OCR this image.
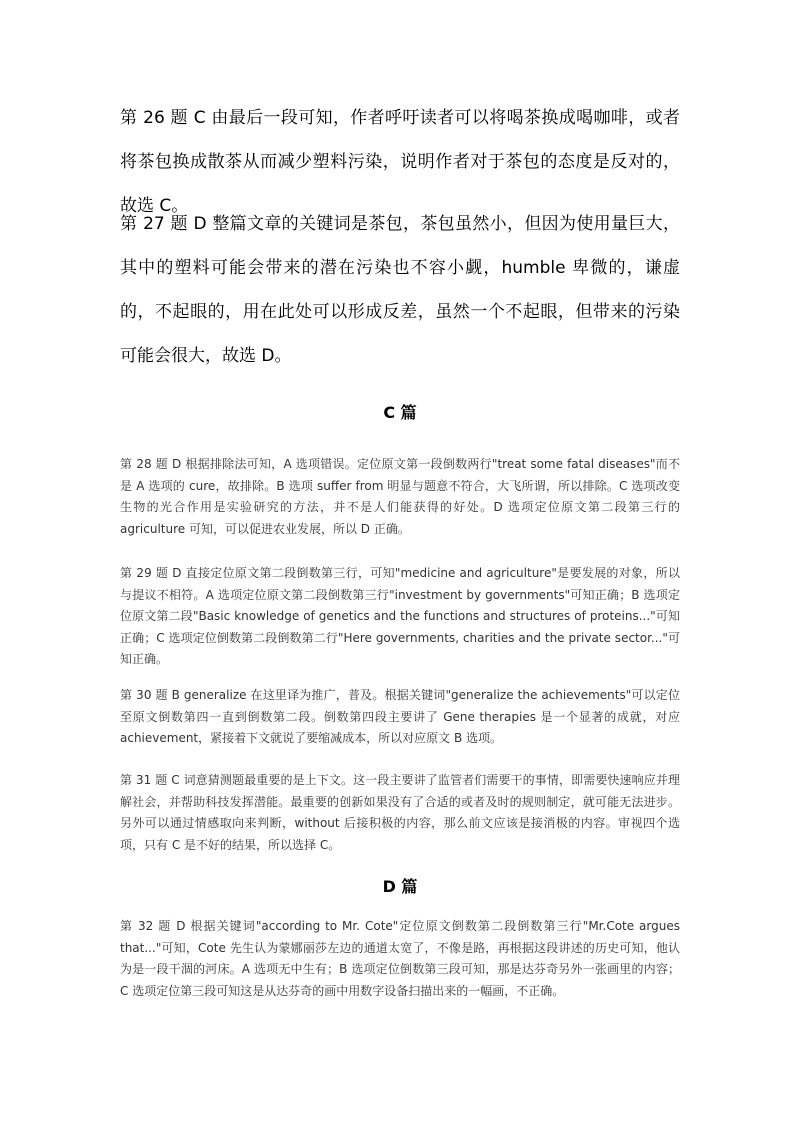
第 26 题 C 由最后一段可知，作者呼吁读者可以将喝茶换成喝咖啡，或者将茶包换成散茶从而减少塑料污染，说明作者对于茶包的态度是反对的，故选 C。

第 27 题 D 整篇文章的关键词是茶包，茶包虽然小，但因为使用量巨大，其中的塑料可能会带来的潜在污染也不容小觑，humble 卑微的，谦虚的，不起眼的，用在此处可以形成反差，虽然一个不起眼，但带来的污染可能会很大，故选 D。

C 篇

第 28 题 D 根据排除法可知，A 选项错误。定位原文第一段倒数两行"treat some fatal diseases"而不是 A 选项的 cure，故排除。B 选项 suffer from 明显与题意不符合，大飞所谓，所以排除。C 选项改变生物的光合作用是实验研究的方法，并不是人们能获得的好处。D 选项定位原文第二段第三行的 agriculture 可知，可以促进农业发展，所以 D 正确。

第 29 题 D 直接定位原文第二段倒数第三行，可知"medicine and agriculture"是要发展的对象，所以与提议不相符。A 选项定位原文第二段倒数第三行"investment by governments"可知正确；B 选项定位原文第二段"Basic knowledge of genetics and the functions and structures of proteins..."可知正确；C 选项定位倒数第二段倒数第二行"Here governments, charities and the private sector..."可知正确。

第 30 题 B generalize 在这里译为推广，普及。根据关键词"generalize the achievements"可以定位至原文倒数第四一直到倒数第二段。倒数第四段主要讲了 Gene therapies 是一个显著的成就，对应achievement，紧接着下文就说了要缩减成本，所以对应原文 B 选项。

第 31 题 C 词意猜测题最重要的是上下文。这一段主要讲了监管者们需要干的事情，即需要快速响应并理解社会，并帮助科技发挥潜能。最重要的创新如果没有了合适的或者及时的规则制定，就可能无法进步。另外可以通过情感取向来判断，without 后接积极的内容，那么前文应该是接消极的内容。审视四个选项，只有 C 是不好的结果，所以选择 C。

D 篇

第 32 题 D 根据关键词"according to Mr. Cote"定位原文倒数第二段倒数第三行"Mr.Cote argues that..."可知，Cote 先生认为蒙娜丽莎左边的通道太宽了，不像是路，再根据这段讲述的历史可知，他认为是一段干涸的河床。A 选项无中生有；B 选项定位倒数第三段可知，那是达芬奇另外一张画里的内容；C 选项定位第三段可知这是从达芬奇的画中用数字设备扫描出来的一幅画，不正确。
